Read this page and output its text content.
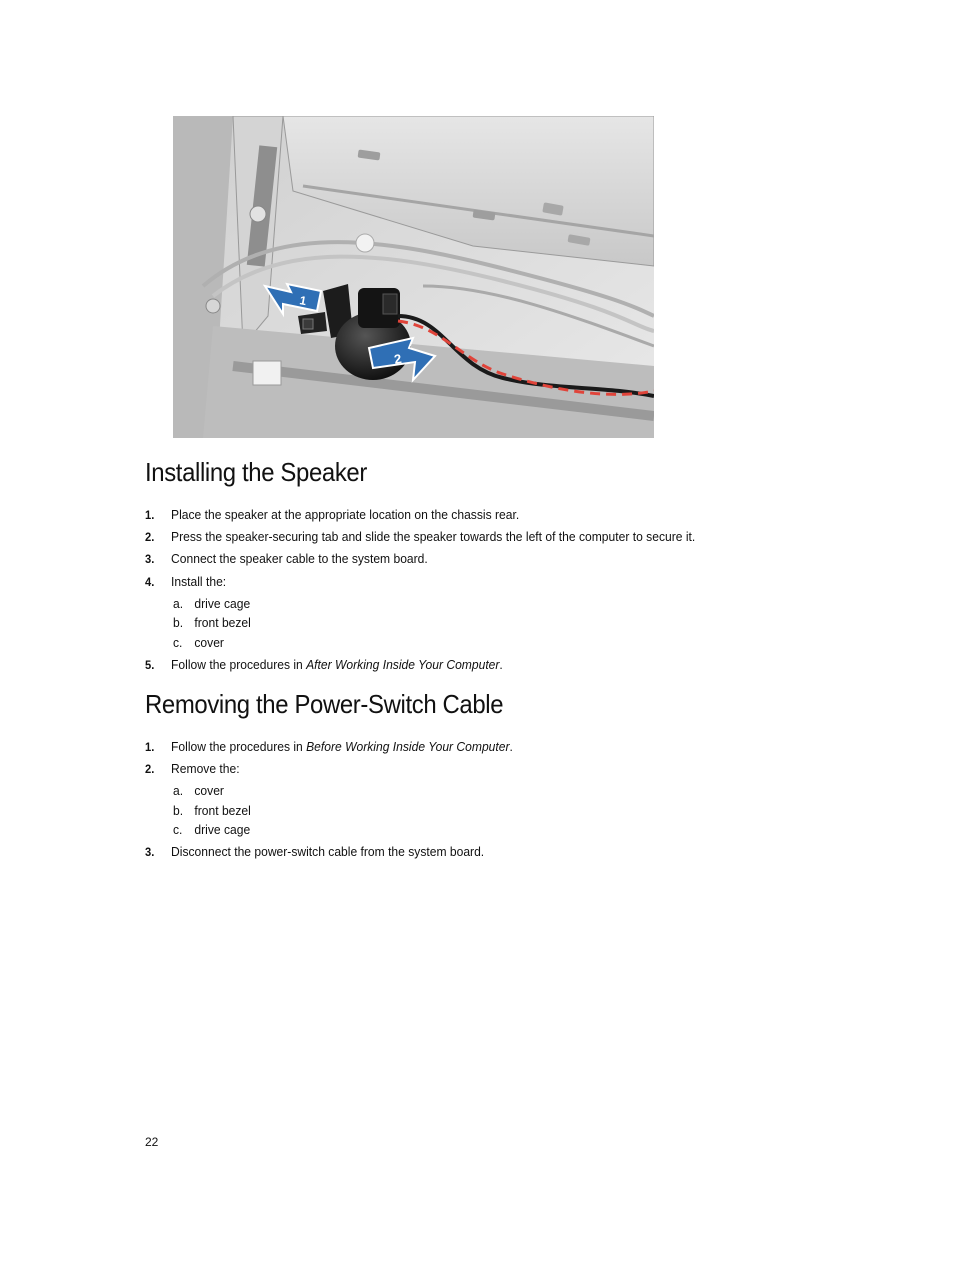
1
2
Installing the Speaker
1. Place the speaker at the appropriate location on the chassis rear.
2. Press the speaker-securing tab and slide the speaker towards the left of the computer to secure it.
3. Connect the speaker cable to the system board.
4. Install the:
a. drive cage
b. front bezel
c. cover
5. Follow the procedures in After Working Inside Your Computer.
Removing the Power-Switch Cable
1. Follow the procedures in Before Working Inside Your Computer.
2. Remove the:
a. cover
b. front bezel
c. drive cage
3. Disconnect the power-switch cable from the system board.
22
